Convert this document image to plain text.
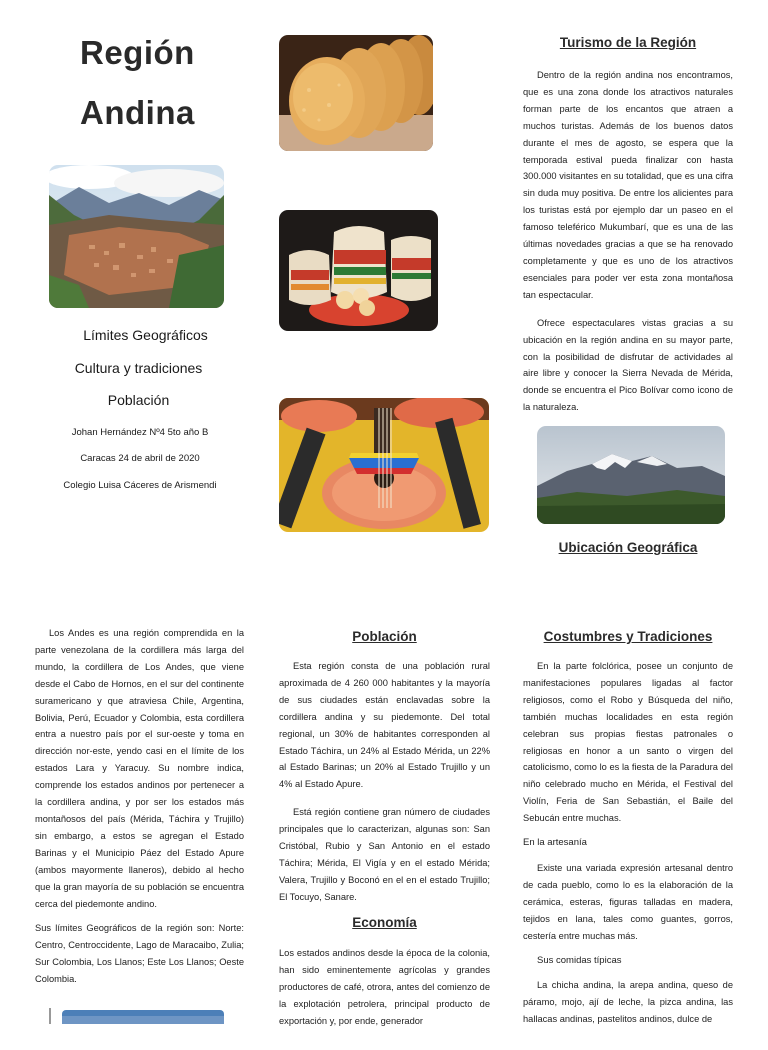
Región
Andina
Límites Geográficos
Cultura y tradiciones
Población
Johan Hernández Nº4 5to año B
Caracas 24 de abril de 2020
Colegio Luisa Cáceres de Arismendi
Turismo de la Región

Dentro de la región andina nos encontramos, que es una zona donde los atractivos naturales forman parte de los encantos que atraen a muchos turistas. Además de los buenos datos durante el mes de agosto, se espera que la temporada estival pueda finalizar con hasta 300.000 visitantes en su totalidad, que es una cifra sin duda muy positiva. De entre los alicientes para los turistas está por ejemplo dar un paseo en el famoso teleférico Mukumbarí, que es una de las últimas novedades gracias a que se ha renovado completamente y que es uno de los atractivos esenciales para poder ver esta zona montañosa tan espectacular.

Ofrece espectaculares vistas gracias a su ubicación en la región andina en su mayor parte, con la posibilidad de disfrutar de actividades al aire libre y conocer la Sierra Nevada de Mérida, donde se encuentra el Pico Bolívar como icono de la naturaleza.

Ubicación Geográfica

Los Andes es una región comprendida en la parte venezolana de la cordillera más larga del mundo, la cordillera de Los Andes, que viene desde el Cabo de Hornos, en el sur del continente suramericano y que atraviesa Chile, Argentina, Bolivia, Perú, Ecuador y Colombia, esta cordillera entra a nuestro país por el sur-oeste y toma en dirección nor-este, yendo casi en el límite de los estados Lara y Yaracuy. Su nombre indica, comprende los estados andinos por pertenecer a la cordillera andina, y por ser los estados más montañosos del país (Mérida, Táchira y Trujillo) sin embargo, a estos se agregan el Estado Barinas y el Municipio Páez del Estado Apure (ambos mayormente llaneros), debido al hecho que la gran mayoría de su población se encuentra cerca del piedemonte andino.

Sus límites Geográficos de la región son: Norte: Centro, Centroccidente, Lago de Maracaibo, Zulia; Sur Colombia, Los Llanos; Este Los Llanos; Oeste Colombia.

Población

Esta región consta de una población rural aproximada de 4 260 000 habitantes y la mayoría de sus ciudades están enclavadas sobre la cordillera andina y su piedemonte. Del total regional, un 30% de habitantes corresponden al Estado Táchira, un 24% al Estado Mérida, un 22% al Estado Barinas; un 20% al Estado Trujillo y un 4% al Estado Apure.

Está región contiene gran número de ciudades principales que lo caracterizan, algunas son: San Cristóbal, Rubio y San Antonio en el estado Táchira; Mérida, El Vigía y en el estado Mérida; Valera, Trujillo y Boconó en el en el estado Trujillo; El Tocuyo, Sanare.

Economía

Los estados andinos desde la época de la colonia, han sido eminentemente agrícolas y grandes productores de café, otrora, antes del comienzo de la explotación petrolera, principal producto de exportación y, por ende, generador

Costumbres y Tradiciones

En la parte folclórica, posee un conjunto de manifestaciones populares ligadas al factor religiosos, como el Robo y Búsqueda del niño, también muchas localidades en esta región celebran sus propias fiestas patronales o religiosas en honor a un santo o virgen del catolicismo, como lo es la fiesta de la Paradura del niño celebrado mucho en Mérida, el Festival del Violín, Feria de San Sebastián, el Baile del Sebucán entre muchas.

En la artesanía

Existe una variada expresión artesanal dentro de cada pueblo, como lo es la elaboración de la cerámica, esteras, figuras talladas en madera, tejidos en lana, tales como guantes, gorros, cestería entre muchas más.

Sus comidas típicas

La chicha andina, la arepa andina, queso de páramo, mojo, ají de leche, la pizca andina, las hallacas andinas, pastelitos andinos, dulce de
